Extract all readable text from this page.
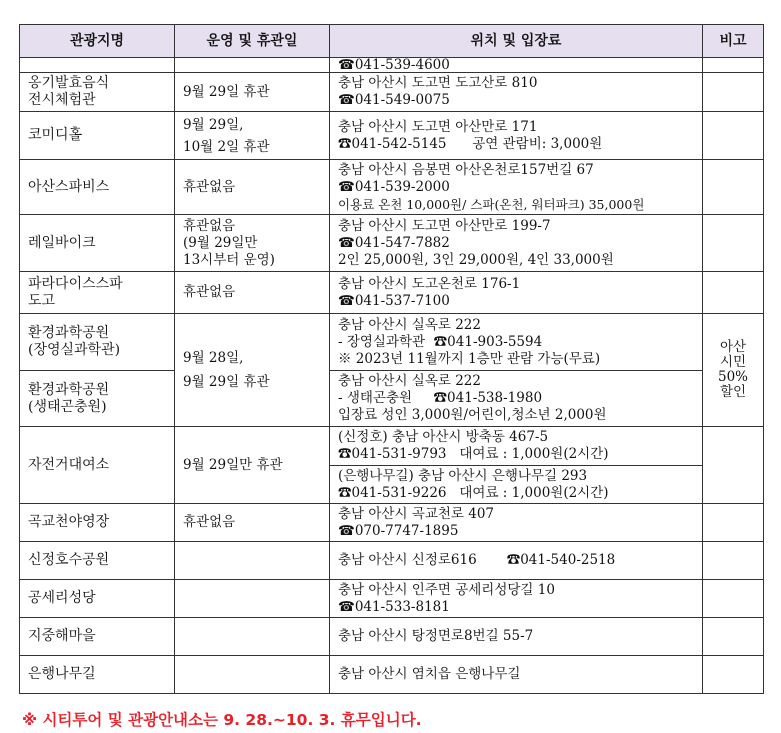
관광지명	운영 및 휴관일	위치 및 입장료	비고

		☎041-539-4600	

옹기발효음식
전시체험관	9월 29일 휴관	충남 아산시 도고면 도고산로 810
☎041-549-0075	

코미디홀	9월 29일,
10월 2일 휴관	충남 아산시 도고면 아산만로 171
☎041-542-5145      공연 관람비: 3,000원	

아산스파비스	휴관없음	충남 아산시 음봉면 아산온천로157번길 67
☎041-539-2000
이용료 온천 10,000원/ 스파(온천, 워터파크) 35,000원	

레일바이크	휴관없음
(9월 29일만
13시부터 운영)	충남 아산시 도고면 아산만로 199-7
☎041-547-7882
2인 25,000원, 3인 29,000원, 4인 33,000원	

파라다이스스파
도고	휴관없음	충남 아산시 도고온천로 176-1
☎041-537-7100	

환경과학공원
(장영실과학관)	9월 28일,
9월 29일 휴관	충남 아산시 실옥로 222
- 장영실과학관  ☎041-903-5594
※ 2023년 11월까지 1층만 관람 가능(무료)	아산
시민
50%
할인

환경과학공원
(생태곤충원)		충남 아산시 실옥로 222
- 생태곤충원     ☎041-538-1980
입장료 성인 3,000원/어린이,청소년 2,000원	

자전거대여소	9월 29일만 휴관	(신정호) 충남 아산시 방축동 467-5
☎041-531-9793   대여료 : 1,000원(2시간)
(은행나무길) 충남 아산시 은행나무길 293
☎041-531-9226   대여료 : 1,000원(2시간)	

곡교천야영장	휴관없음	충남 아산시 곡교천로 407
☎070-7747-1895	

신정호수공원		충남 아산시 신정로616       ☎041-540-2518	

공세리성당		충남 아산시 인주면 공세리성당길 10
☎041-533-8181	

지중해마을		충남 아산시 탕정면로8번길 55-7	

은행나무길		충남 아산시 염치읍 은행나무길	

※ 시티투어 및 관광안내소는 9. 28.~10. 3. 휴무입니다.
